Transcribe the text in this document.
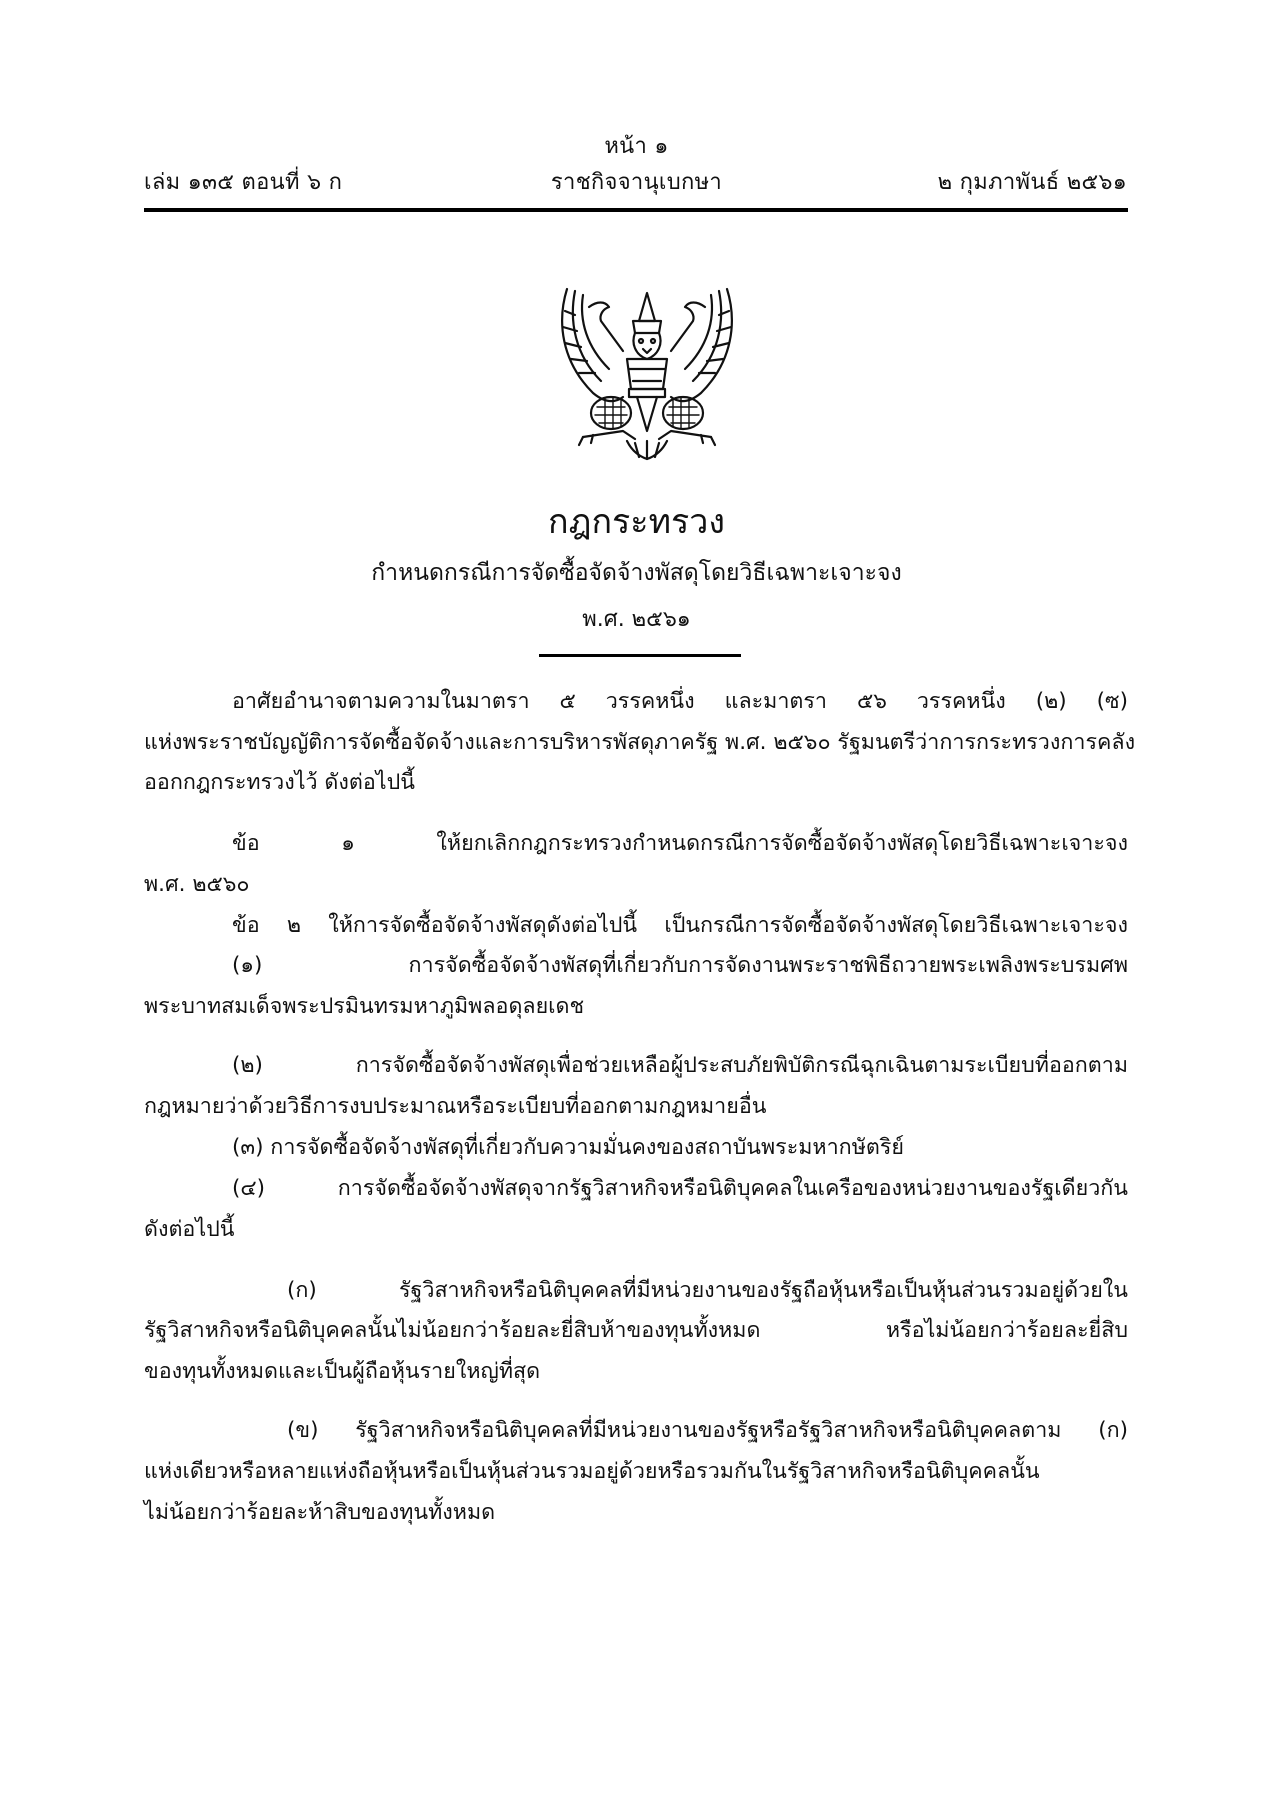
หน้า ๑
เล่ม ๑๓๕ ตอนที่ ๖ ก	ราชกิจจานุเบกษา	๒ กุมภาพันธ์ ๒๕๖๑
กฎกระทรวง
กำหนดกรณีการจัดซื้อจัดจ้างพัสดุโดยวิธีเฉพาะเจาะจง
พ.ศ. ๒๕๖๑
อาศัยอำนาจตามความในมาตรา ๕ วรรคหนึ่ง และมาตรา ๕๖ วรรคหนึ่ง (๒) (ซ)
แห่งพระราชบัญญัติการจัดซื้อจัดจ้างและการบริหารพัสดุภาครัฐ พ.ศ. ๒๕๖๐ รัฐมนตรีว่าการกระทรวงการคลัง
ออกกฎกระทรวงไว้ ดังต่อไปนี้
ข้อ ๑ ให้ยกเลิกกฎกระทรวงกำหนดกรณีการจัดซื้อจัดจ้างพัสดุโดยวิธีเฉพาะเจาะจง
พ.ศ. ๒๕๖๐
ข้อ ๒ ให้การจัดซื้อจัดจ้างพัสดุดังต่อไปนี้ เป็นกรณีการจัดซื้อจัดจ้างพัสดุโดยวิธีเฉพาะเจาะจง
(๑) การจัดซื้อจัดจ้างพัสดุที่เกี่ยวกับการจัดงานพระราชพิธีถวายพระเพลิงพระบรมศพ
พระบาทสมเด็จพระปรมินทรมหาภูมิพลอดุลยเดช
(๒) การจัดซื้อจัดจ้างพัสดุเพื่อช่วยเหลือผู้ประสบภัยพิบัติกรณีฉุกเฉินตามระเบียบที่ออกตาม
กฎหมายว่าด้วยวิธีการงบประมาณหรือระเบียบที่ออกตามกฎหมายอื่น
(๓) การจัดซื้อจัดจ้างพัสดุที่เกี่ยวกับความมั่นคงของสถาบันพระมหากษัตริย์
(๔) การจัดซื้อจัดจ้างพัสดุจากรัฐวิสาหกิจหรือนิติบุคคลในเครือของหน่วยงานของรัฐเดียวกัน
ดังต่อไปนี้
(ก) รัฐวิสาหกิจหรือนิติบุคคลที่มีหน่วยงานของรัฐถือหุ้นหรือเป็นหุ้นส่วนรวมอยู่ด้วยใน
รัฐวิสาหกิจหรือนิติบุคคลนั้นไม่น้อยกว่าร้อยละยี่สิบห้าของทุนทั้งหมด หรือไม่น้อยกว่าร้อยละยี่สิบ
ของทุนทั้งหมดและเป็นผู้ถือหุ้นรายใหญ่ที่สุด
(ข) รัฐวิสาหกิจหรือนิติบุคคลที่มีหน่วยงานของรัฐหรือรัฐวิสาหกิจหรือนิติบุคคลตาม (ก)
แห่งเดียวหรือหลายแห่งถือหุ้นหรือเป็นหุ้นส่วนรวมอยู่ด้วยหรือรวมกันในรัฐวิสาหกิจหรือนิติบุคคลนั้น
ไม่น้อยกว่าร้อยละห้าสิบของทุนทั้งหมด
